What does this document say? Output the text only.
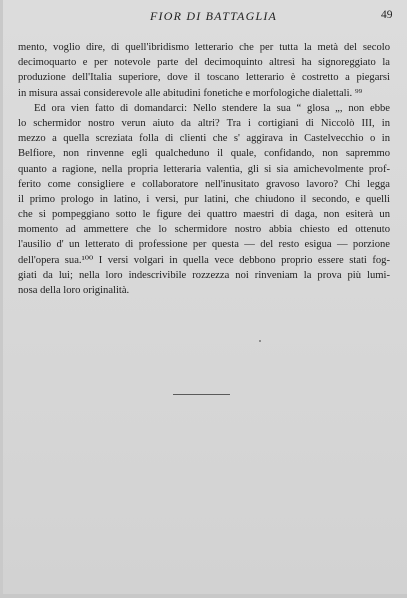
FIOR DI BATTAGLIA	49
mento, voglio dire, di quell'ibridismo letterario che per tutta la metà del secolo
decimoquarto e per notevole parte del decimoquinto altresì ha signoreggiato la
produzione dell'Italia superiore, dove il toscano letterario è costretto a piegarsi
in misura assai considerevole alle abitudini fonetiche e morfologiche dialettali. ⁹⁹
Ed ora vien fatto di domandarci: Nello stendere la sua “ glosa „, non ebbe
lo schermidor nostro verun aiuto da altri? Tra i cortigiani di Niccolò III, in
mezzo a quella screziata folla di clienti che s' aggirava in Castelvecchio o in
Belfiore, non rinvenne egli qualcheduno il quale, confidando, non sapremmo
quanto a ragione, nella propria letteraria valentìa, gli si sia amichevolmente prof-
ferito come consigliere e collaboratore nell'inusitato gravoso lavoro? Chi legga
il primo prologo in latino, i versi, pur latini, che chiudono il secondo, e quelli
che si pompeggiano sotto le figure dei quattro maestri di daga, non esiterà un
momento ad ammettere che lo schermidore nostro abbia chiesto ed ottenuto
l'ausilio d' un letterato di professione per questa — del resto esigua — porzione
dell'opera sua.¹⁰⁰ I versi volgari in quella vece debbono proprio essere stati fog-
giati da lui; nella loro indescrivibile rozzezza noi rinveniam la prova più lumi-
nosa della loro originalità.
